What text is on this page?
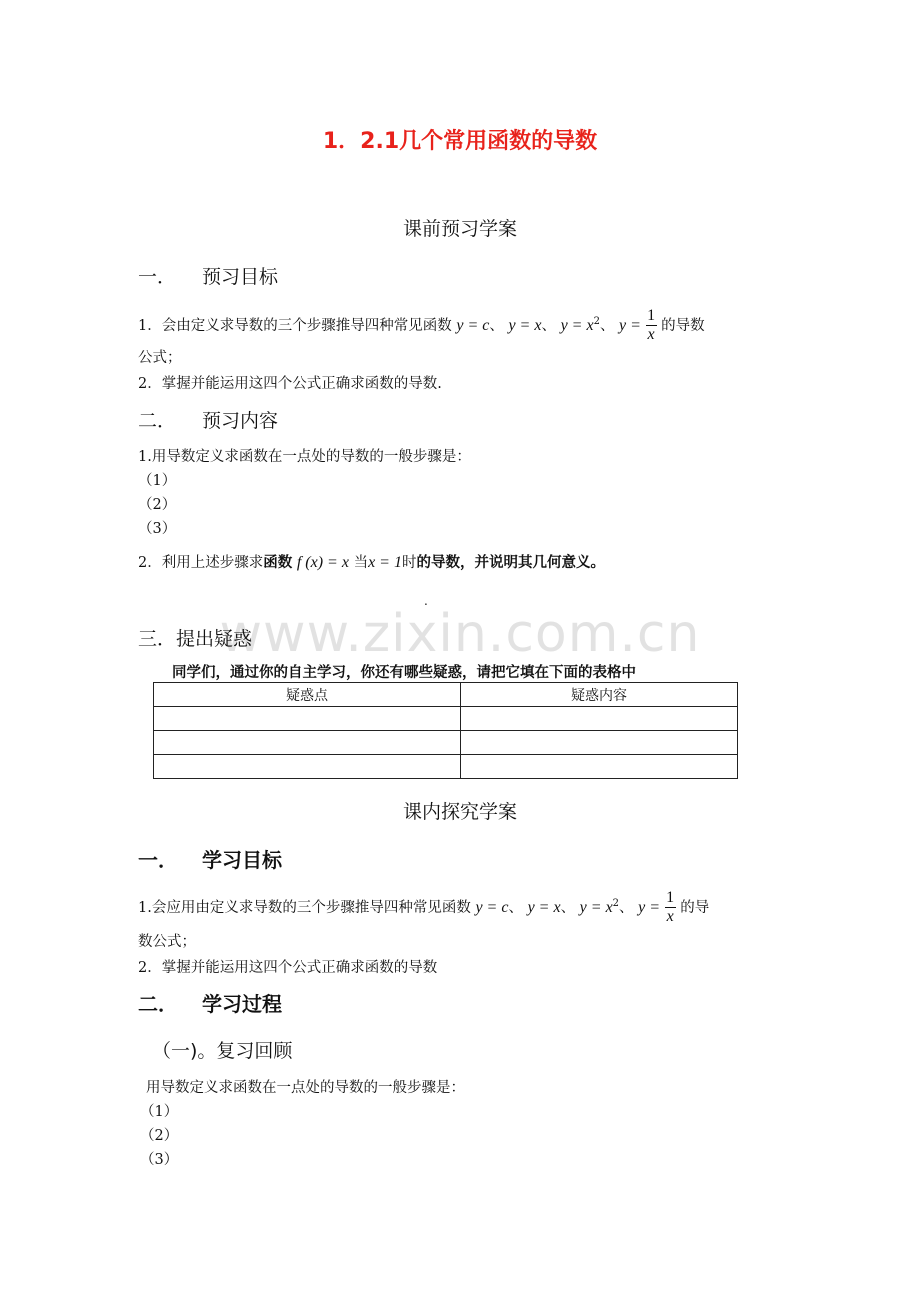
www.zixin.com.cn
1．2.1几个常用函数的导数
课前预习学案
一． 预习目标
1．会由定义求导数的三个步骤推导四种常见函数 y = c、 y = x、 $y = x^2$、 $y = \frac{1}{x}$ 的导数
公式；
2．掌握并能运用这四个公式正确求函数的导数.
二． 预习内容
1.用导数定义求函数在一点处的导数的一般步骤是：
（1）
（2）
（3）
2．利用上述步骤求函数 f (x) = x 当x = 1时的导数，并说明其几何意义。
.
三．提出疑惑
同学们，通过你的自主学习，你还有哪些疑惑，请把它填在下面的表格中
疑惑点	疑惑内容

课内探究学案
一． 学习目标
1.会应用由定义求导数的三个步骤推导四种常见函数 y = c、 y = x、 $y = x^2$、 $y = \frac{1}{x}$ 的导
数公式；
2．掌握并能运用这四个公式正确求函数的导数
二． 学习过程
（一)。复习回顾
用导数定义求函数在一点处的导数的一般步骤是：
（1）
（2）
（3）
